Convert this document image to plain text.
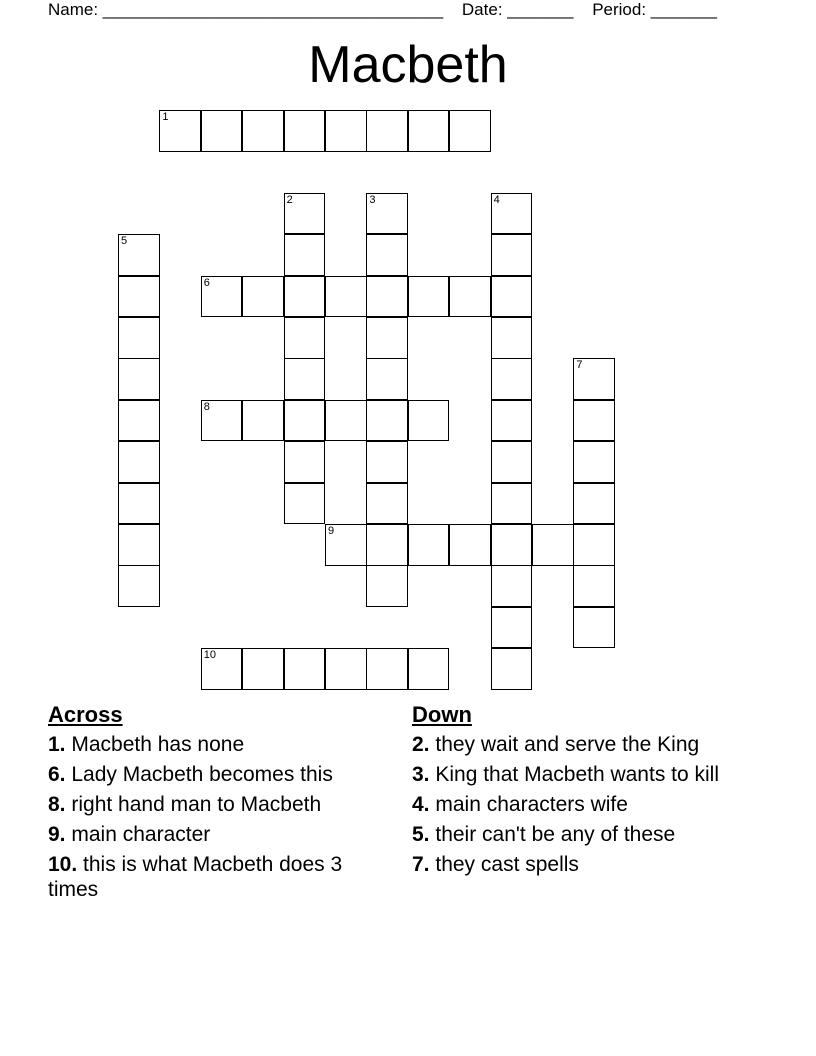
Name: ____________________________________ Date: _______ Period: _______
Macbeth
1
2	3	4
5
6
7
8
9
10
Across
1. Macbeth has none
6. Lady Macbeth becomes this
8. right hand man to Macbeth
9. main character
10. this is what Macbeth does 3 times
Down
2. they wait and serve the King
3. King that Macbeth wants to kill
4. main characters wife
5. their can't be any of these
7. they cast spells
